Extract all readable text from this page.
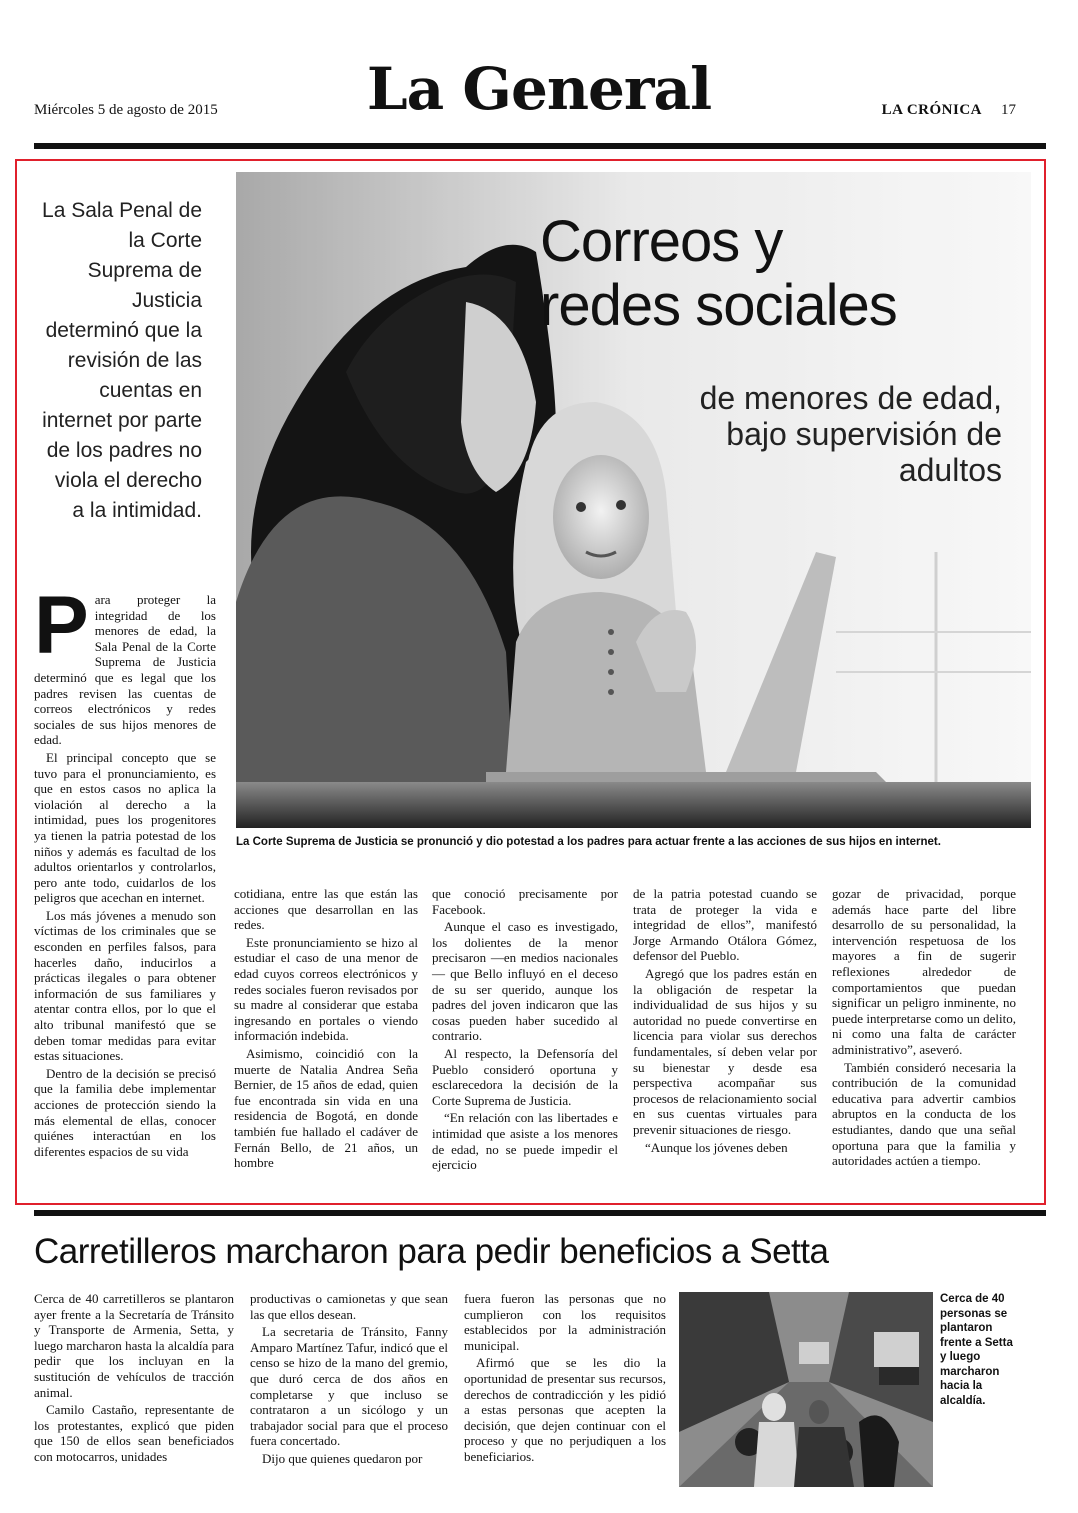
Miércoles 5 de agosto de 2015	La General	LA CRÓNICA 17
La Sala Penal de la Corte Suprema de Justicia determinó que la revisión de las cuentas en internet por parte de los padres no viola el derecho a la intimidad.
Correos y
redes sociales
de menores de edad, bajo supervisión de adultos
La Corte Suprema de Justicia se pronunció y dio potestad a los padres para actuar frente a las acciones de sus hijos en internet.

Para proteger la integridad de los menores de edad, la Sala Penal de la Corte Suprema de Justicia determinó que es legal que los padres revisen las cuentas de correos electrónicos y redes sociales de sus hijos menores de edad.

El principal concepto que se tuvo para el pronunciamiento, es que en estos casos no aplica la violación al derecho a la intimidad, pues los progenitores ya tienen la patria potestad de los niños y además es facultad de los adultos orientarlos y controlarlos, pero ante todo, cuidarlos de los peligros que acechan en internet.

Los más jóvenes a menudo son víctimas de los criminales que se esconden en perfiles falsos, para hacerles daño, inducirlos a prácticas ilegales o para obtener información de sus familiares y atentar contra ellos, por lo que el alto tribunal manifestó que se deben tomar medidas para evitar estas situaciones.

Dentro de la decisión se precisó que la familia debe implementar acciones de protección siendo la más elemental de ellas, conocer quiénes interactúan en los diferentes espacios de su vida

cotidiana, entre las que están las acciones que desarrollan en las redes.

Este pronunciamiento se hizo al estudiar el caso de una menor de edad cuyos correos electrónicos y redes sociales fueron revisados por su madre al considerar que estaba ingresando en portales o viendo información indebida.

Asimismo, coincidió con la muerte de Natalia Andrea Seña Bernier, de 15 años de edad, quien fue encontrada sin vida en una residencia de Bogotá, en donde también fue hallado el cadáver de Fernán Bello, de 21 años, un hombre

que conoció precisamente por Facebook.

Aunque el caso es investigado, los dolientes de la menor precisaron —en medios nacionales— que Bello influyó en el deceso de su ser querido, aunque los padres del joven indicaron que las cosas pueden haber sucedido al contrario.

Al respecto, la Defensoría del Pueblo consideró oportuna y esclarecedora la decisión de la Corte Suprema de Justicia.

“En relación con las libertades e intimidad que asiste a los menores de edad, no se puede impedir el ejercicio

de la patria potestad cuando se trata de proteger la vida e integridad de ellos”, manifestó Jorge Armando Otálora Gómez, defensor del Pueblo.

Agregó que los padres están en la obligación de respetar la individualidad de sus hijos y su autoridad no puede convertirse en licencia para violar sus derechos fundamentales, sí deben velar por su bienestar y desde esa perspectiva acompañar sus procesos de relacionamiento social en sus cuentas virtuales para prevenir situaciones de riesgo.

“Aunque los jóvenes deben

gozar de privacidad, porque además hace parte del libre desarrollo de su personalidad, la intervención respetuosa de los mayores a fin de sugerir reflexiones alrededor de comportamientos que puedan significar un peligro inminente, no puede interpretarse como un delito, ni como una falta de carácter administrativo”, aseveró.

También consideró necesaria la contribución de la comunidad educativa para advertir cambios abruptos en la conducta de los estudiantes, dando que una señal oportuna para que la familia y autoridades actúen a tiempo.

Carretilleros marcharon para pedir beneficios a Setta

Cerca de 40 carretilleros se plantaron ayer frente a la Secretaría de Tránsito y Transporte de Armenia, Setta, y luego marcharon hasta la alcaldía para pedir que los incluyan en la sustitución de vehículos de tracción animal.

Camilo Castaño, representante de los protestantes, explicó que piden que 150 de ellos sean beneficiados con motocarros, unidades

productivas o camionetas y que sean las que ellos desean.

La secretaria de Tránsito, Fanny Amparo Martínez Tafur, indicó que el censo se hizo de la mano del gremio, que duró cerca de dos años en completarse y que incluso se contrataron a un sicólogo y un trabajador social para que el proceso fuera concertado.

Dijo que quienes quedaron por

fuera fueron las personas que no cumplieron con los requisitos establecidos por la administración municipal.

Afirmó que se les dio la oportunidad de presentar sus recursos, derechos de contradicción y les pidió a estas personas que acepten la decisión, que dejen continuar con el proceso y que no perjudiquen a los beneficiarios.

Cerca de 40 personas se plantaron frente a Setta y luego marcharon hacia la alcaldía.
